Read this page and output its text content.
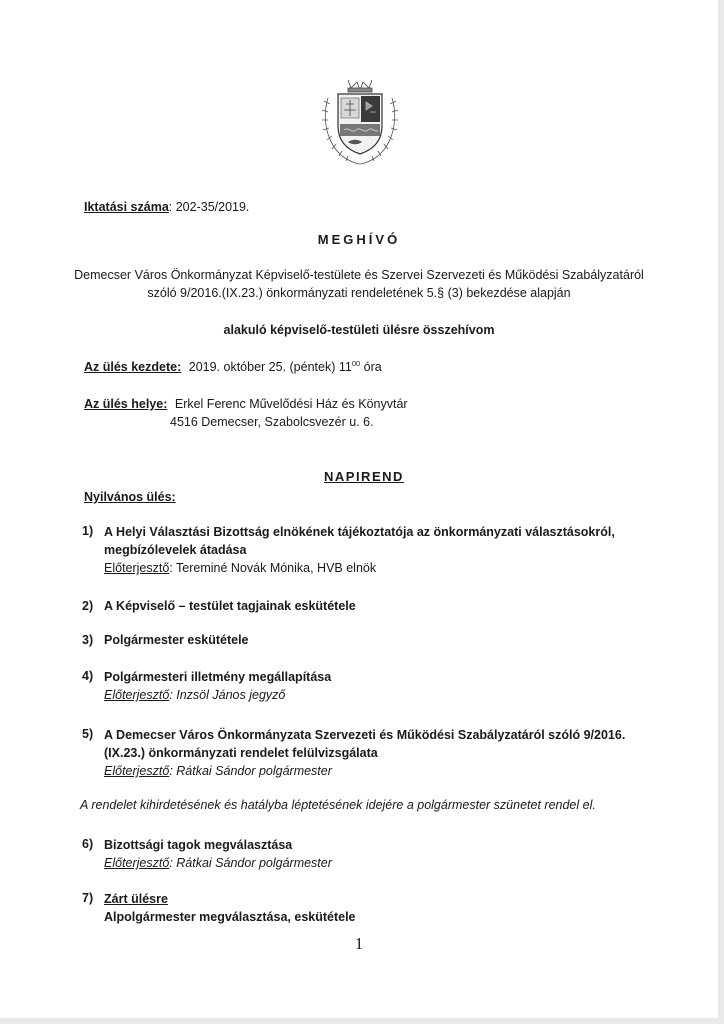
Iktatási száma: 202-35/2019.
MEGHÍVÓ
Demecser Város Önkormányzat Képviselő-testülete és Szervei Szervezeti és Működési Szabályzatáról
szóló 9/2016.(IX.23.) önkormányzati rendeletének 5.§ (3) bekezdése alapján
alakuló képviselő-testületi ülésre összehívom
Az ülés kezdete: 2019. október 25. (péntek) $11^{00}$ óra
Az ülés helye: Erkel Ferenc Művelődési Ház és Könyvtár
4516 Demecser, Szabolcsvezér u. 6.
NAPIREND
Nyilvános ülés:
1) A Helyi Választási Bizottság elnökének tájékoztatója az önkormányzati választásokról,
megbízólevelek átadása
Előterjesztő: Tereminé Novák Mónika, HVB elnök
2) A Képviselő – testület tagjainak eskütétele
3) Polgármester eskütétele
4) Polgármesteri illetmény megállapítása
Előterjesztő: Inzsöl János jegyző
5) A Demecser Város Önkormányzata Szervezeti és Működési Szabályzatáról szóló 9/2016.
(IX.23.) önkormányzati rendelet felülvizsgálata
Előterjesztő: Rátkai Sándor polgármester
A rendelet kihirdetésének és hatályba léptetésének idejére a polgármester szünetet rendel el.
6) Bizottsági tagok megválasztása
Előterjesztő: Rátkai Sándor polgármester
7) Zárt ülésre
Alpolgármester megválasztása, eskütétele
1
